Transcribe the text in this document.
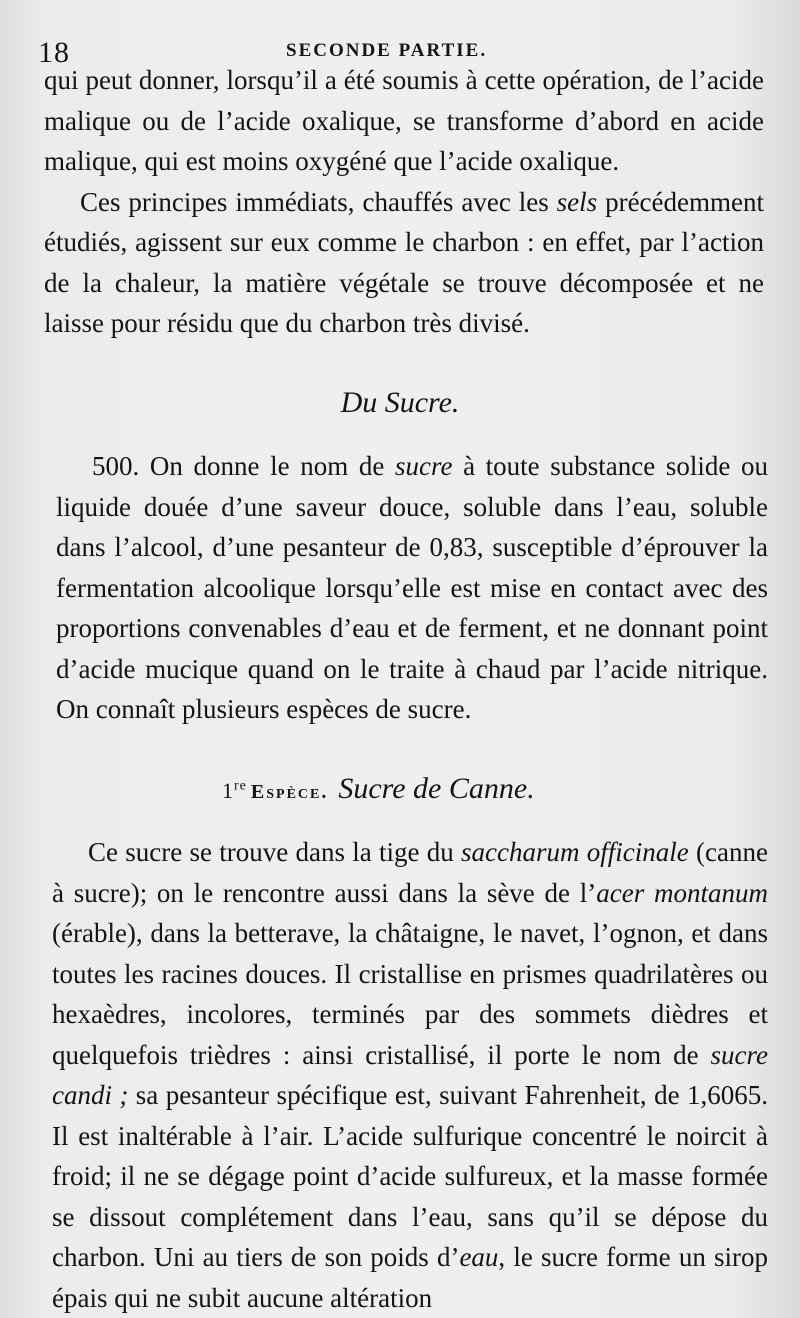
18	SECONDE PARTIE.

qui peut donner, lorsqu’il a été soumis à cette opération, de l’acide malique ou de l’acide oxalique, se transforme d’abord en acide malique, qui est moins oxygéné que l’acide oxalique.

Ces principes immédiats, chauffés avec les sels précédemment étudiés, agissent sur eux comme le charbon : en effet, par l’action de la chaleur, la matière végétale se trouve décomposée et ne laisse pour résidu que du charbon très divisé.

Du Sucre.

500. On donne le nom de sucre à toute substance solide ou liquide douée d’une saveur douce, soluble dans l’eau, soluble dans l’alcool, d’une pesanteur de 0,83, susceptible d’éprouver la fermentation alcoolique lorsqu’elle est mise en contact avec des proportions convenables d’eau et de ferment, et ne donnant point d’acide mucique quand on le traite à chaud par l’acide nitrique. On connaît plusieurs espèces de sucre.

1re Espèce. Sucre de Canne.

Ce sucre se trouve dans la tige du saccharum officinale (canne à sucre); on le rencontre aussi dans la sève de l’acer montanum (érable), dans la betterave, la châtaigne, le navet, l’ognon, et dans toutes les racines douces. Il cristallise en prismes quadrilatères ou hexaèdres, incolores, terminés par des sommets dièdres et quelquefois trièdres : ainsi cristallisé, il porte le nom de sucre candi ; sa pesanteur spécifique est, suivant Fahrenheit, de 1,6065. Il est inaltérable à l’air. L’acide sulfurique concentré le noircit à froid; il ne se dégage point d’acide sulfureux, et la masse formée se dissout complétement dans l’eau, sans qu’il se dépose du charbon. Uni au tiers de son poids d’eau, le sucre forme un sirop épais qui ne subit aucune altération
